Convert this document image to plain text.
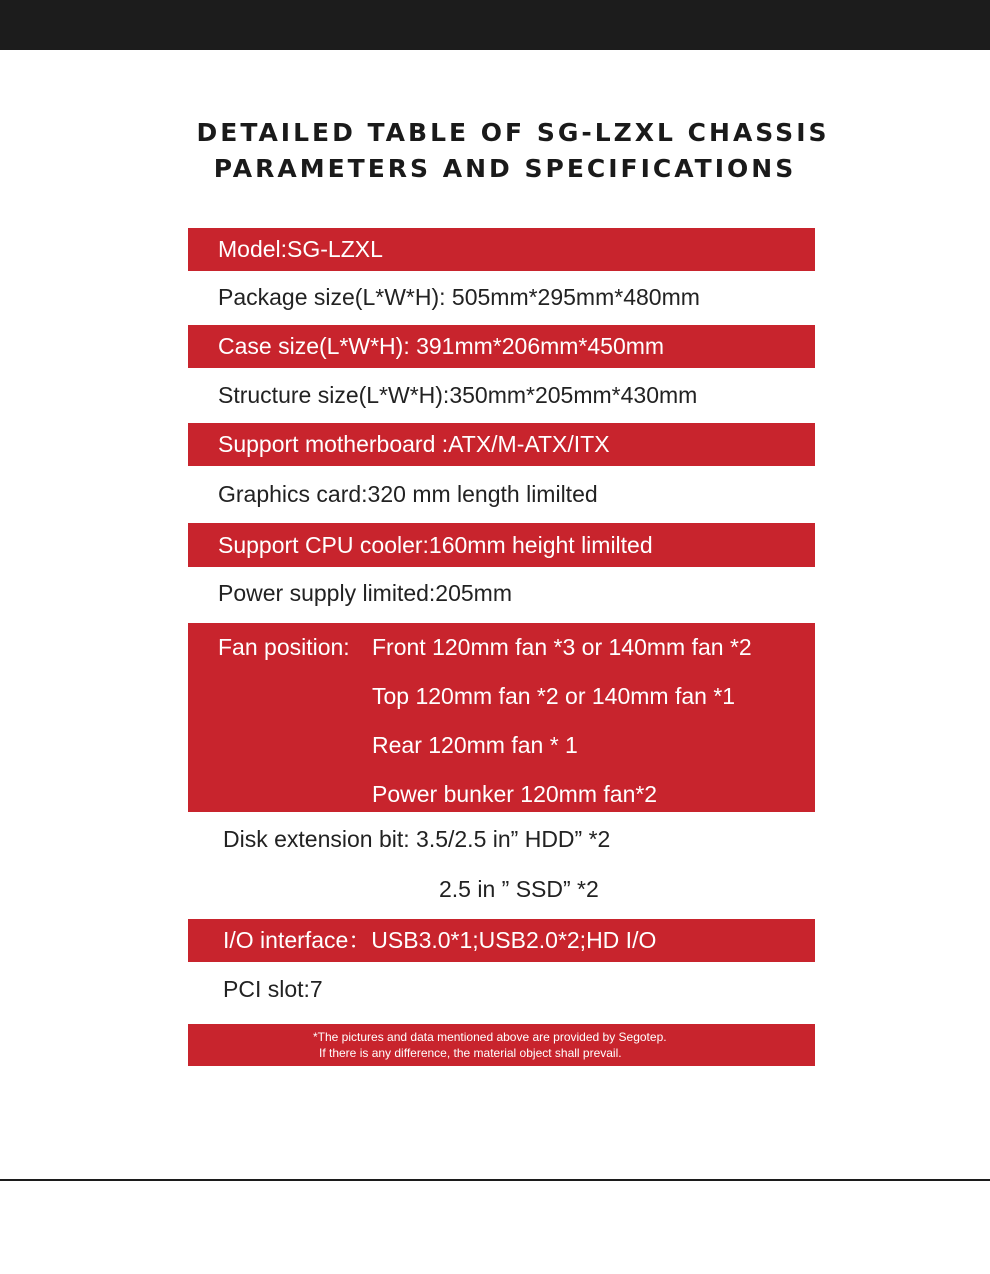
DETAILED TABLE OF SG-LZXL CHASSIS
PARAMETERS AND SPECIFICATIONS
Model:SG-LZXL
Package size(L*W*H): 505mm*295mm*480mm
Case size(L*W*H): 391mm*206mm*450mm
Structure size(L*W*H):350mm*205mm*430mm
Support motherboard :ATX/M-ATX/ITX
Graphics card:320 mm length limilted
Support CPU cooler:160mm height limilted
Power supply limited:205mm
Fan position: Front 120mm fan *3 or 140mm fan *2
Top 120mm fan *2 or 140mm fan *1
Rear 120mm fan * 1
Power bunker 120mm fan*2
Disk extension bit: 3.5/2.5 in” HDD” *2
2.5 in ” SSD” *2
I/O interface：USB3.0*1;USB2.0*2;HD I/O
PCI slot:7
*The pictures and data mentioned above are provided by Segotep.
If there is any difference, the material object shall prevail.
